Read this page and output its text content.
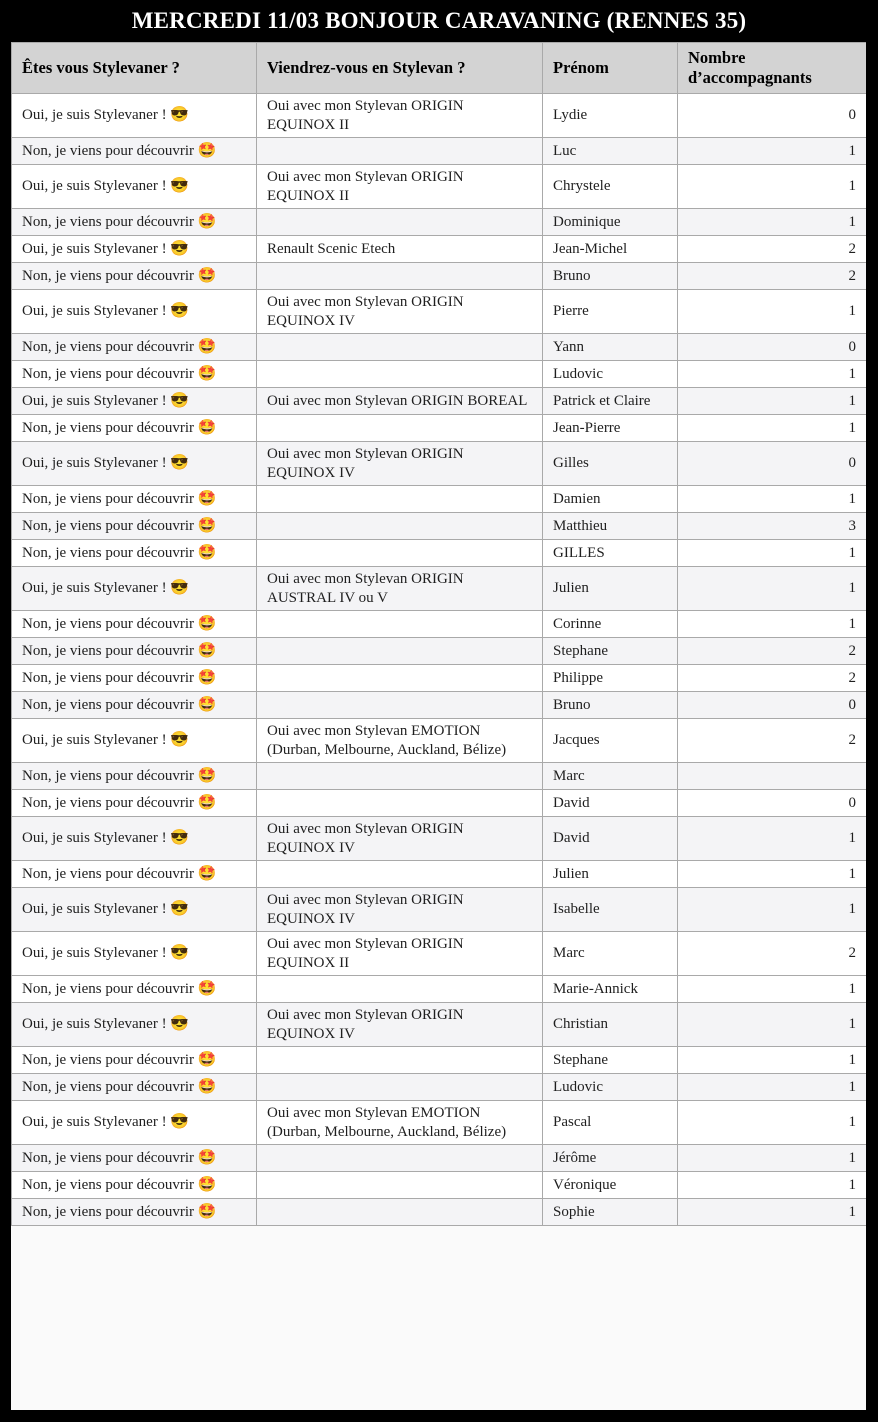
MERCREDI 11/03 BONJOUR CARAVANING (RENNES 35)
Êtes vous Stylevaner ?	Viendrez-vous en Stylevan ?	Prénom	Nombre d’accompagnants
Oui, je suis Stylevaner ! 😎	Oui avec mon Stylevan ORIGIN EQUINOX II	Lydie	0
Non, je viens pour découvrir 🤩		Luc	1
Oui, je suis Stylevaner ! 😎	Oui avec mon Stylevan ORIGIN EQUINOX II	Chrystele	1
Non, je viens pour découvrir 🤩		Dominique	1
Oui, je suis Stylevaner ! 😎	Renault Scenic Etech	Jean-Michel	2
Non, je viens pour découvrir 🤩		Bruno	2
Oui, je suis Stylevaner ! 😎	Oui avec mon Stylevan ORIGIN EQUINOX IV	Pierre	1
Non, je viens pour découvrir 🤩		Yann	0
Non, je viens pour découvrir 🤩		Ludovic	1
Oui, je suis Stylevaner ! 😎	Oui avec mon Stylevan ORIGIN BOREAL	Patrick et Claire	1
Non, je viens pour découvrir 🤩		Jean-Pierre	1
Oui, je suis Stylevaner ! 😎	Oui avec mon Stylevan ORIGIN EQUINOX IV	Gilles	0
Non, je viens pour découvrir 🤩		Damien	1
Non, je viens pour découvrir 🤩		Matthieu	3
Non, je viens pour découvrir 🤩		GILLES	1
Oui, je suis Stylevaner ! 😎	Oui avec mon Stylevan ORIGIN AUSTRAL IV ou V	Julien	1
Non, je viens pour découvrir 🤩		Corinne	1
Non, je viens pour découvrir 🤩		Stephane	2
Non, je viens pour découvrir 🤩		Philippe	2
Non, je viens pour découvrir 🤩		Bruno	0
Oui, je suis Stylevaner ! 😎	Oui avec mon Stylevan EMOTION (Durban, Melbourne, Auckland, Bélize)	Jacques	2
Non, je viens pour découvrir 🤩		Marc	
Non, je viens pour découvrir 🤩		David	0
Oui, je suis Stylevaner ! 😎	Oui avec mon Stylevan ORIGIN EQUINOX IV	David	1
Non, je viens pour découvrir 🤩		Julien	1
Oui, je suis Stylevaner ! 😎	Oui avec mon Stylevan ORIGIN EQUINOX IV	Isabelle	1
Oui, je suis Stylevaner ! 😎	Oui avec mon Stylevan ORIGIN EQUINOX II	Marc	2
Non, je viens pour découvrir 🤩		Marie-Annick	1
Oui, je suis Stylevaner ! 😎	Oui avec mon Stylevan ORIGIN EQUINOX IV	Christian	1
Non, je viens pour découvrir 🤩		Stephane	1
Non, je viens pour découvrir 🤩		Ludovic	1
Oui, je suis Stylevaner ! 😎	Oui avec mon Stylevan EMOTION (Durban, Melbourne, Auckland, Bélize)	Pascal	1
Non, je viens pour découvrir 🤩		Jérôme	1
Non, je viens pour découvrir 🤩		Véronique	1
Non, je viens pour découvrir 🤩		Sophie	1
